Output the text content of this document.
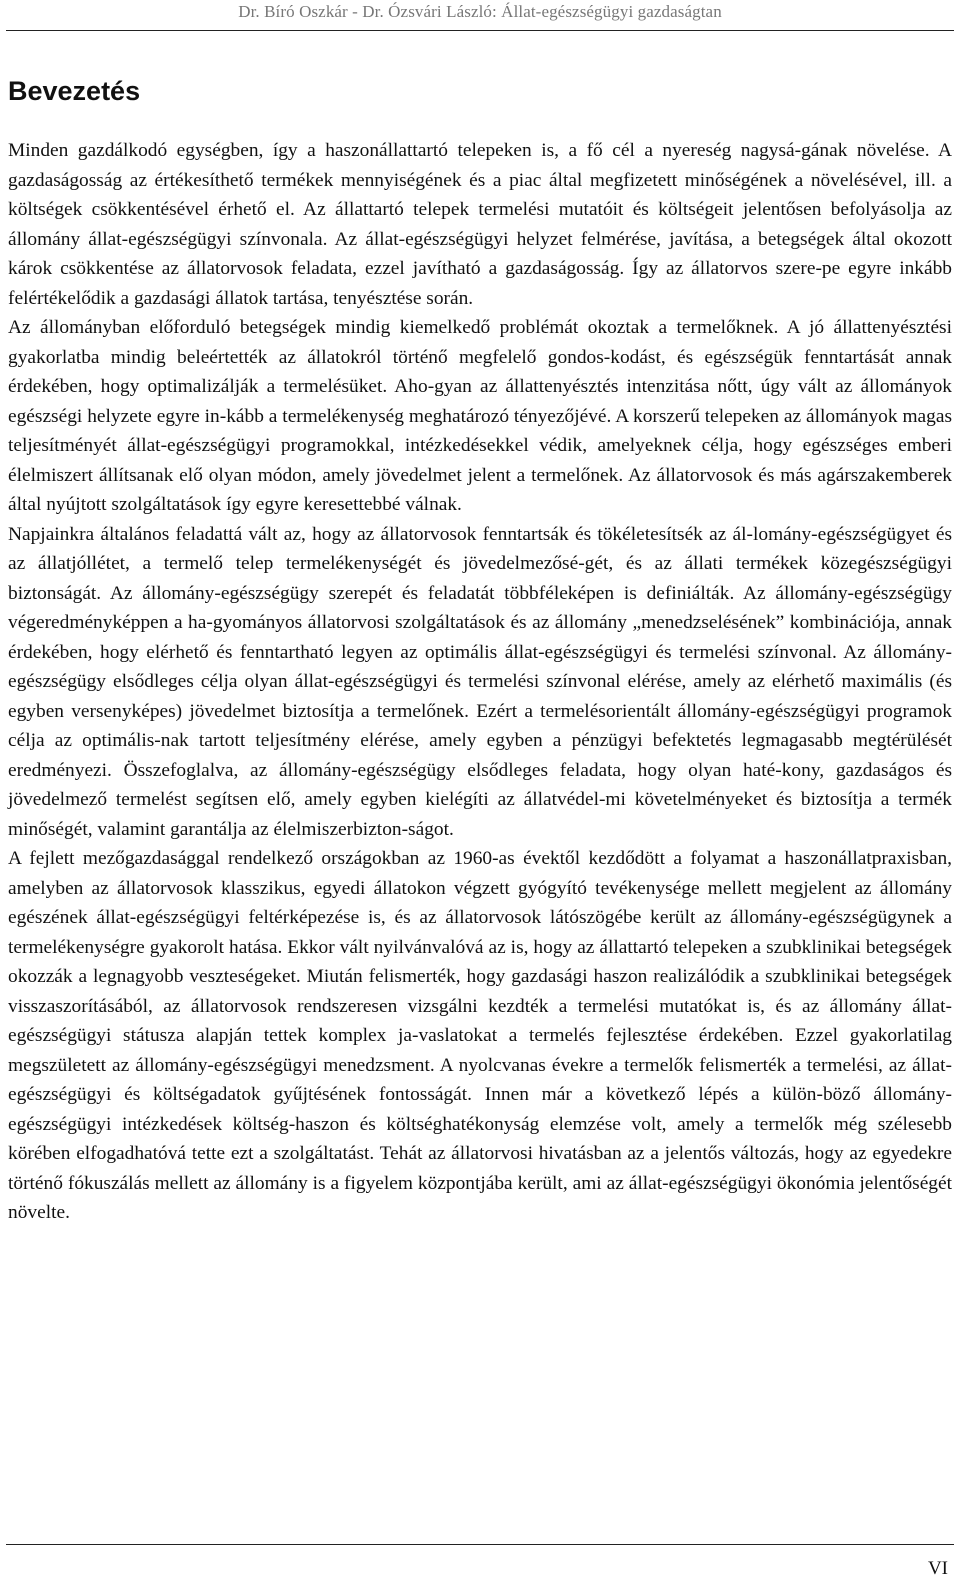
Dr. Bíró Oszkár - Dr. Ózsvári László: Állat-egészségügyi gazdaságtan
Bevezetés

Minden gazdálkodó egységben, így a haszonállattartó telepeken is, a fő cél a nyereség nagysá-gának növelése. A gazdaságosság az értékesíthető termékek mennyiségének és a piac által megfizetett minőségének a növelésével, ill. a költségek csökkentésével érhető el. Az állattartó telepek termelési mutatóit és költségeit jelentősen befolyásolja az állomány állat-egészségügyi színvonala. Az állat-egészségügyi helyzet felmérése, javítása, a betegségek által okozott károk csökkentése az állatorvosok feladata, ezzel javítható a gazdaságosság. Így az állatorvos szere-pe egyre inkább felértékelődik a gazdasági állatok tartása, tenyésztése során.

Az állományban előforduló betegségek mindig kiemelkedő problémát okoztak a termelőknek. A jó állattenyésztési gyakorlatba mindig beleértették az állatokról történő megfelelő gondos-kodást, és egészségük fenntartását annak érdekében, hogy optimalizálják a termelésüket. Aho-gyan az állattenyésztés intenzitása nőtt, úgy vált az állományok egészségi helyzete egyre in-kább a termelékenység meghatározó tényezőjévé. A korszerű telepeken az állományok magas teljesítményét állat-egészségügyi programokkal, intézkedésekkel védik, amelyeknek célja, hogy egészséges emberi élelmiszert állítsanak elő olyan módon, amely jövedelmet jelent a termelőnek. Az állatorvosok és más agárszakemberek által nyújtott szolgáltatások így egyre keresettebbé válnak.

Napjainkra általános feladattá vált az, hogy az állatorvosok fenntartsák és tökéletesítsék az ál-lomány-egészségügyet és az állatjóllétet, a termelő telep termelékenységét és jövedelmezősé-gét, és az állati termékek közegészségügyi biztonságát. Az állomány-egészségügy szerepét és feladatát többféleképen is definiálták. Az állomány-egészségügy végeredményképpen a ha-gyományos állatorvosi szolgáltatások és az állomány „menedzselésének” kombinációja, annak érdekében, hogy elérhető és fenntartható legyen az optimális állat-egészségügyi és termelési színvonal. Az állomány-egészségügy elsődleges célja olyan állat-egészségügyi és termelési színvonal elérése, amely az elérhető maximális (és egyben versenyképes) jövedelmet biztosítja a termelőnek. Ezért a termelésorientált állomány-egészségügyi programok célja az optimális-nak tartott teljesítmény elérése, amely egyben a pénzügyi befektetés legmagasabb megtérülését eredményezi. Összefoglalva, az állomány-egészségügy elsődleges feladata, hogy olyan haté-kony, gazdaságos és jövedelmező termelést segítsen elő, amely egyben kielégíti az állatvédel-mi követelményeket és biztosítja a termék minőségét, valamint garantálja az élelmiszerbizton-ságot.

A fejlett mezőgazdasággal rendelkező országokban az 1960-as évektől kezdődött a folyamat a haszonállatpraxisban, amelyben az állatorvosok klasszikus, egyedi állatokon végzett gyógyító tevékenysége mellett megjelent az állomány egészének állat-egészségügyi feltérképezése is, és az állatorvosok látószögébe került az állomány-egészségügynek a termelékenységre gyakorolt hatása. Ekkor vált nyilvánvalóvá az is, hogy az állattartó telepeken a szubklinikai betegségek okozzák a legnagyobb veszteségeket. Miután felismerték, hogy gazdasági haszon realizálódik a szubklinikai betegségek visszaszorításából, az állatorvosok rendszeresen vizsgálni kezdték a termelési mutatókat is, és az állomány állat-egészségügyi státusza alapján tettek komplex ja-vaslatokat a termelés fejlesztése érdekében. Ezzel gyakorlatilag megszületett az állomány-egészségügyi menedzsment. A nyolcvanas évekre a termelők felismerték a termelési, az állat-egészségügyi és költségadatok gyűjtésének fontosságát. Innen már a következő lépés a külön-böző állomány-egészségügyi intézkedések költség-haszon és költséghatékonyság elemzése volt, amely a termelők még szélesebb körében elfogadhatóvá tette ezt a szolgáltatást. Tehát az állatorvosi hivatásban az a jelentős változás, hogy az egyedekre történő fókuszálás mellett az állomány is a figyelem központjába került, ami az állat-egészségügyi ökonómia jelentőségét növelte.

VI
